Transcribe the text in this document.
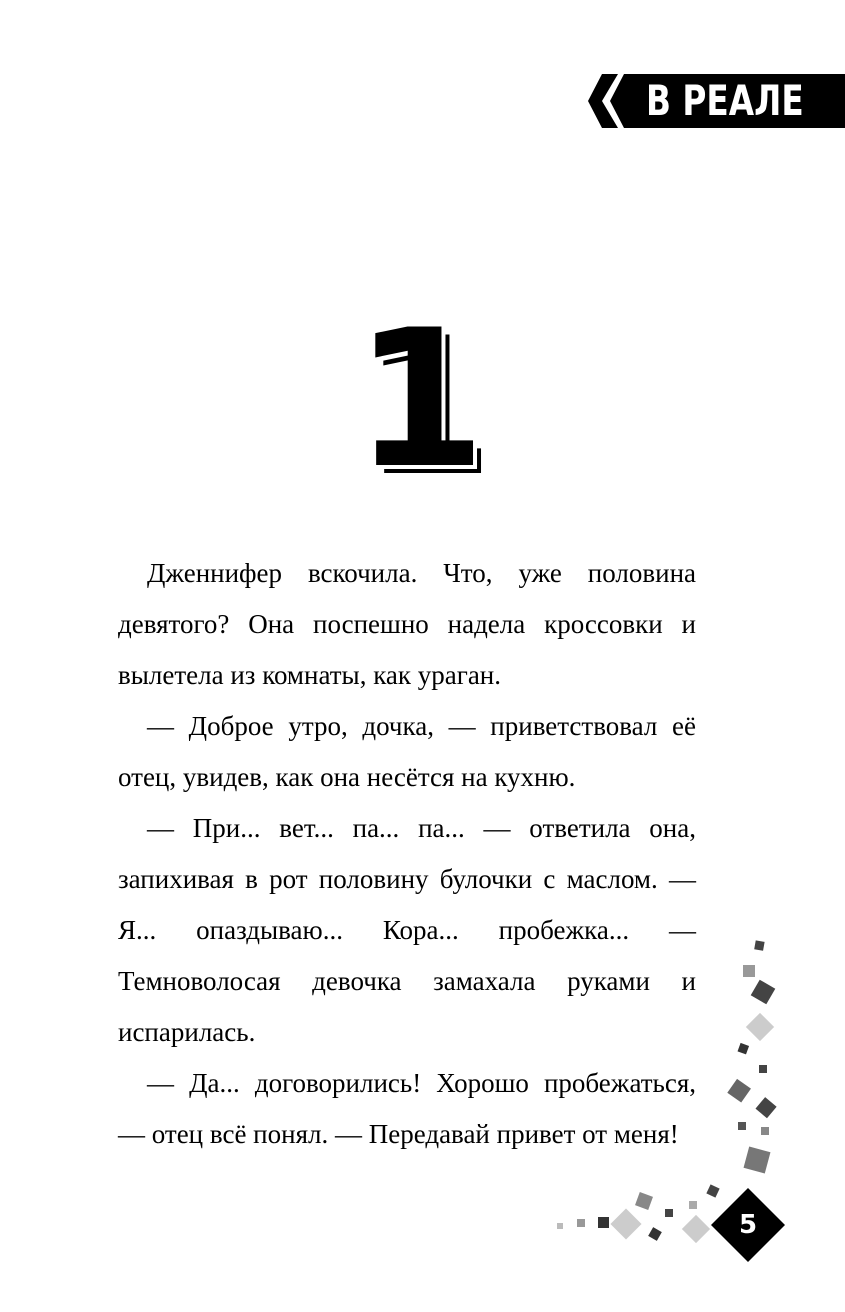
В РЕАЛЕ
1

Дженнифер вскочила. Что, уже половина девятого? Она поспешно надела кроссовки и вылетела из комнаты, как ураган.

— Доброе утро, дочка, — приветствовал её отец, увидев, как она несётся на кухню.

— При... вет... па... па... — ответила она, запихивая в рот половину булочки с маслом. — Я... опаздываю... Кора... пробежка... — Темноволосая девочка замахала руками и испарилась.

— Да... договорились! Хорошо пробежаться, — отец всё понял. — Передавай привет от меня!

5
